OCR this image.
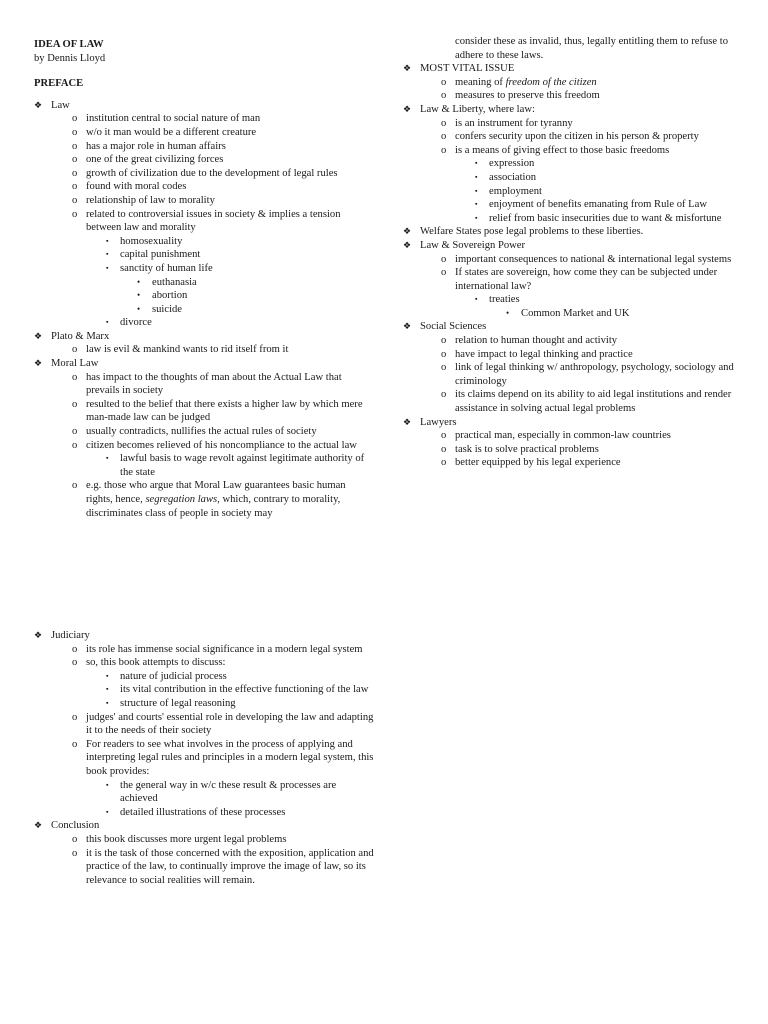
IDEA OF LAW
by Dennis Lloyd
PREFACE
❖ Law
o institution central to social nature of man
o w/o it man would be a different creature
o has a major role in human affairs
o one of the great civilizing forces
o growth of civilization due to the development of legal rules
o found with moral codes
o relationship of law to morality
o related to controversial issues in society & implies a tension between law and morality
▪ homosexuality
▪ capital punishment
▪ sanctity of human life
• euthanasia
• abortion
• suicide
▪ divorce
❖ Plato & Marx
o law is evil & mankind wants to rid itself from it
❖ Moral Law
o has impact to the thoughts of man about the Actual Law that prevails in society
o resulted to the belief that there exists a higher law by which mere man-made law can be judged
o usually contradicts, nullifies the actual rules of society
o citizen becomes relieved of his noncompliance to the actual law
▪ lawful basis to wage revolt against legitimate authority of the state
o e.g. those who argue that Moral Law guarantees basic human rights, hence, segregation laws, which, contrary to morality, discriminates class of people in society may
consider these as invalid, thus, legally entitling them to refuse to adhere to these laws.
❖ MOST VITAL ISSUE
o meaning of freedom of the citizen
o measures to preserve this freedom
❖ Law & Liberty, where law:
o is an instrument for tyranny
o confers security upon the citizen in his person & property
o is a means of giving effect to those basic freedoms
▪ expression
▪ association
▪ employment
▪ enjoyment of benefits emanating from Rule of Law
▪ relief from basic insecurities due to want & misfortune
❖ Welfare States pose legal problems to these liberties.
❖ Law & Sovereign Power
o important consequences to national & international legal systems
o If states are sovereign, how come they can be subjected under international law?
▪ treaties
• Common Market and UK
❖ Social Sciences
o relation to human thought and activity
o have impact to legal thinking and practice
o link of legal thinking w/ anthropology, psychology, sociology and criminology
o its claims depend on its ability to aid legal institutions and render assistance in solving actual legal problems
❖ Lawyers
o practical man, especially in common-law countries
o task is to solve practical problems
o better equipped by his legal experience
❖ Judiciary
o its role has immense social significance in a modern legal system
o so, this book attempts to discuss:
▪ nature of judicial process
▪ its vital contribution in the effective functioning of the law
▪ structure of legal reasoning
o judges' and courts' essential role in developing the law and adapting it to the needs of their society
o For readers to see what involves in the process of applying and interpreting legal rules and principles in a modern legal system, this book provides:
▪ the general way in w/c these result & processes are achieved
▪ detailed illustrations of these processes
❖ Conclusion
o this book discusses more urgent legal problems
o it is the task of those concerned with the exposition, application and practice of the law, to continually improve the image of law, so its relevance to social realities will remain.
